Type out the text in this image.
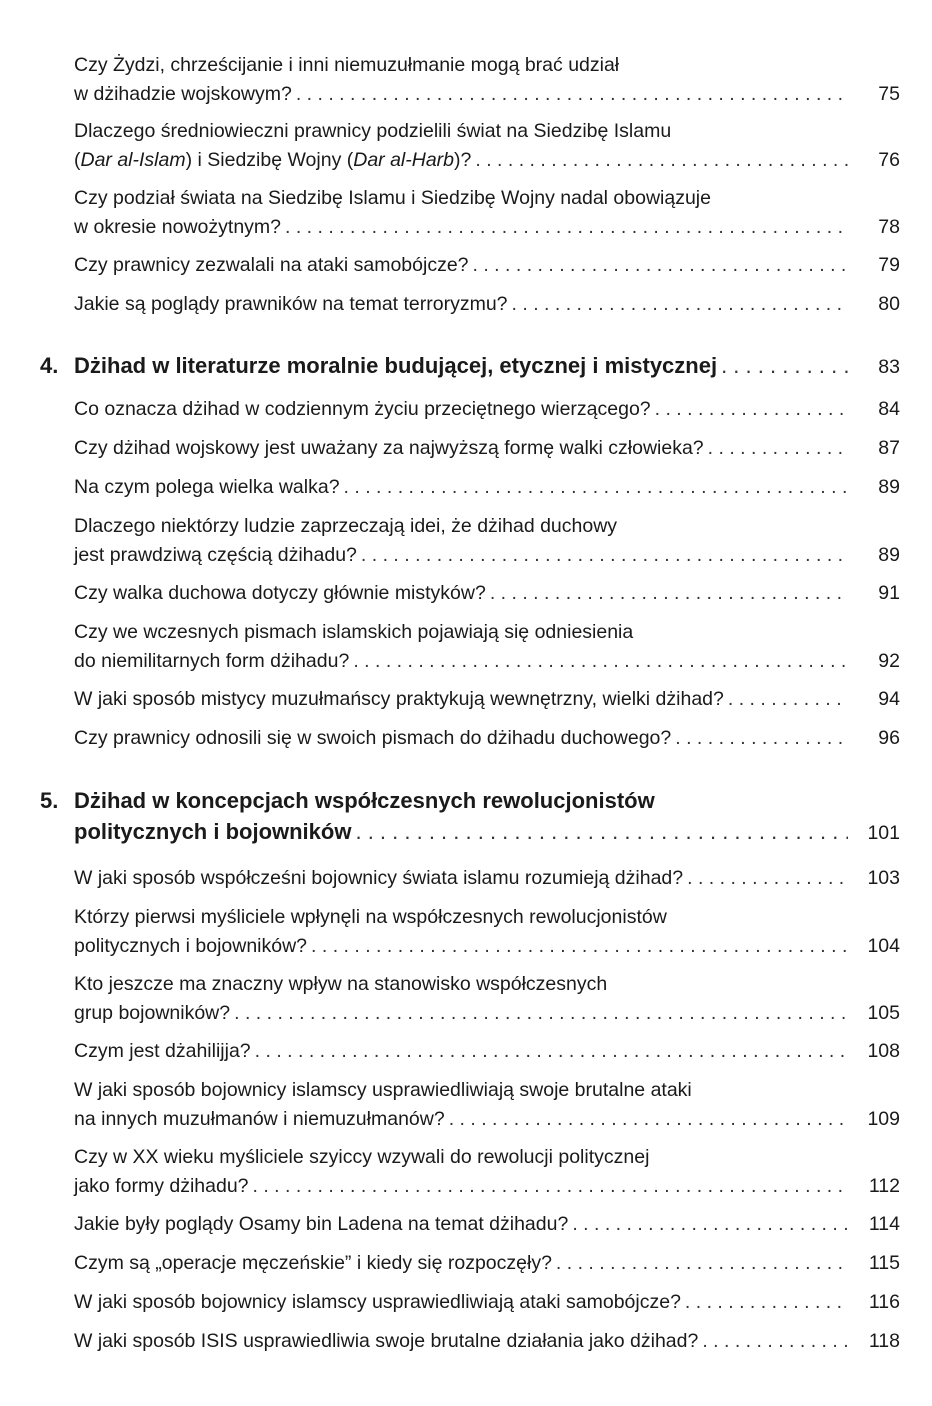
Czy Żydzi, chrześcijanie i inni niemuzułmanie mogą brać udział
w dżihadzie wojskowym? . . .	75
Dlaczego średniowieczni prawnicy podzielili świat na Siedzibę Islamu
(Dar al-Islam) i Siedzibę Wojny (Dar al-Harb)? . . .	76
Czy podział świata na Siedzibę Islamu i Siedzibę Wojny nadal obowiązuje
w okresie nowożytnym? . . .	78
Czy prawnicy zezwalali na ataki samobójcze? . . .	79
Jakie są poglądy prawników na temat terroryzmu? . . .	80
4. Dżihad w literaturze moralnie budującej, etycznej i mistycznej . . .	83
Co oznacza dżihad w codziennym życiu przeciętnego wierzącego? . . .	84
Czy dżihad wojskowy jest uważany za najwyższą formę walki człowieka? . . .	87
Na czym polega wielka walka? . . .	89
Dlaczego niektórzy ludzie zaprzeczają idei, że dżihad duchowy
jest prawdziwą częścią dżihadu? . . .	89
Czy walka duchowa dotyczy głównie mistyków? . . .	91
Czy we wczesnych pismach islamskich pojawiają się odniesienia
do niemilitarnych form dżihadu? . . .	92
W jaki sposób mistycy muzułmańscy praktykują wewnętrzny, wielki dżihad? . . .	94
Czy prawnicy odnosili się w swoich pismach do dżihadu duchowego? . . .	96
5. Dżihad w koncepcjach współczesnych rewolucjonistów
politycznych i bojowników . . .	101
W jaki sposób współcześni bojownicy świata islamu rozumieją dżihad? . . .	103
Którzy pierwsi myśliciele wpłynęli na współczesnych rewolucjonistów
politycznych i bojowników? . . .	104
Kto jeszcze ma znaczny wpływ na stanowisko współczesnych
grup bojowników? . . .	105
Czym jest dżahilijja? . . .	108
W jaki sposób bojownicy islamscy usprawiedliwiają swoje brutalne ataki
na innych muzułmanów i niemuzułmanów? . . .	109
Czy w XX wieku myśliciele szyiccy wzywali do rewolucji politycznej
jako formy dżihadu? . . .	112
Jakie były poglądy Osamy bin Ladena na temat dżihadu? . . .	114
Czym są „operacje męczeńskie” i kiedy się rozpoczęły? . . .	115
W jaki sposób bojownicy islamscy usprawiedliwiają ataki samobójcze? . . .	116
W jaki sposób ISIS usprawiedliwia swoje brutalne działania jako dżihad? . . .	118
